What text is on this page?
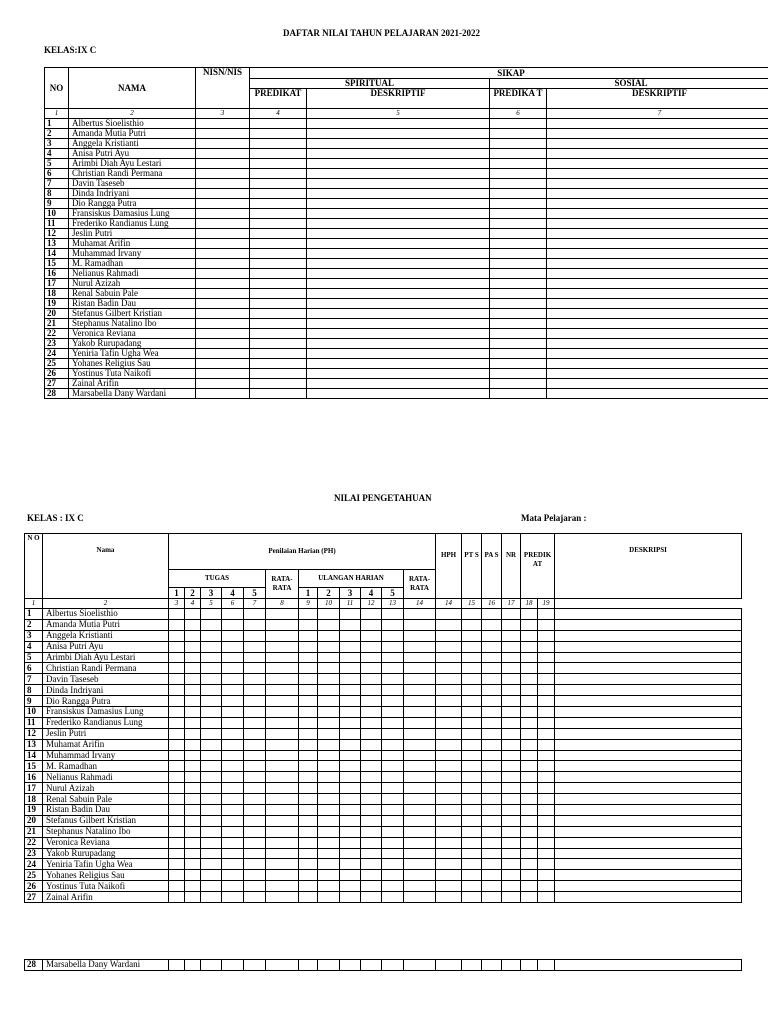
DAFTAR NILAI TAHUN PELAJARAN 2021-2022
KELAS:IX C
NO	NAMA	NISN/NIS	SIKAP			
			SPIRITUAL		SOSIAL	
			PREDIKAT	DESKRIPTIF	PREDIKA T	DESKRIPTIF
1	2	3	4	5	6	7
1	Albertus Sioelisthio					
2	Amanda Mutia Putri					
3	Anggela Kristianti					
4	Anisa Putri Ayu					
5	Arimbi Diah Ayu Lestari					
6	Christian Randi Permana					
7	Davin Taseseb					
8	Dinda Indriyani					
9	Dio Rangga Putra					
10	Fransiskus Damasius Lung					
11	Frederiko Randianus Lung					
12	Jeslin Putri					
13	Muhamat Arifin					
14	Muhammad Irvany					
15	M. Ramadhan					
16	Nelianus Rahmadi					
17	Nurul Azizah					
18	Renal Sabuin Pale					
19	Ristan Badin Dau					
20	Stefanus Gilbert Kristian					
21	Stephanus Natalino Ibo					
22	Veronica Reviana					
23	Yakob Rurupadang					
24	Yeniria Tafin Ugha Wea					
25	Yohanes Religius Sau					
26	Yostinus Tuta Naikofi					
27	Zainal Arifin					
28	Marsabella Dany Wardani					
NILAI PENGETAHUAN
KELAS : IX C	Mata Pelajaran :
N O	Nama	Penilaian Harian (PH)												HPH	PT S	PA S	NR	PREDIK AT		DESKRIPSI
		TUGAS					RATA- RATA	ULANGAN HARIAN					RATA- RATA							
		1	2	3	4	5		1	2	3	4	5								
1	2	3	4	5	6	7	8	9	10	11	12	13	14	14	15	16	17	18	19	
1	Albertus Sioelisthio																			
2	Amanda Mutia Putri																			
3	Anggela Kristianti																			
4	Anisa Putri Ayu																			
5	Arimbi Diah Ayu Lestari																			
6	Christian Randi Permana																			
7	Davin Taseseb																			
8	Dinda Indriyani																			
9	Dio Rangga Putra																			
10	Fransiskus Damasius Lung																			
11	Frederiko Randianus Lung																			
12	Jeslin Putri																			
13	Muhamat Arifin																			
14	Muhammad Irvany																			
15	M. Ramadhan																			
16	Nelianus Rahmadi																			
17	Nurul Azizah																			
18	Renal Sabuin Pale																			
19	Ristan Badin Dau																			
20	Stefanus Gilbert Kristian																			
21	Stephanus Natalino Ibo																			
22	Veronica Reviana																			
23	Yakob Rurupadang																			
24	Yeniria Tafin Ugha Wea																			
25	Yohanes Religius Sau																			
26	Yostinus Tuta Naikofi																			
27	Zainal Arifin																			
28	Marsabella Dany Wardani																			
